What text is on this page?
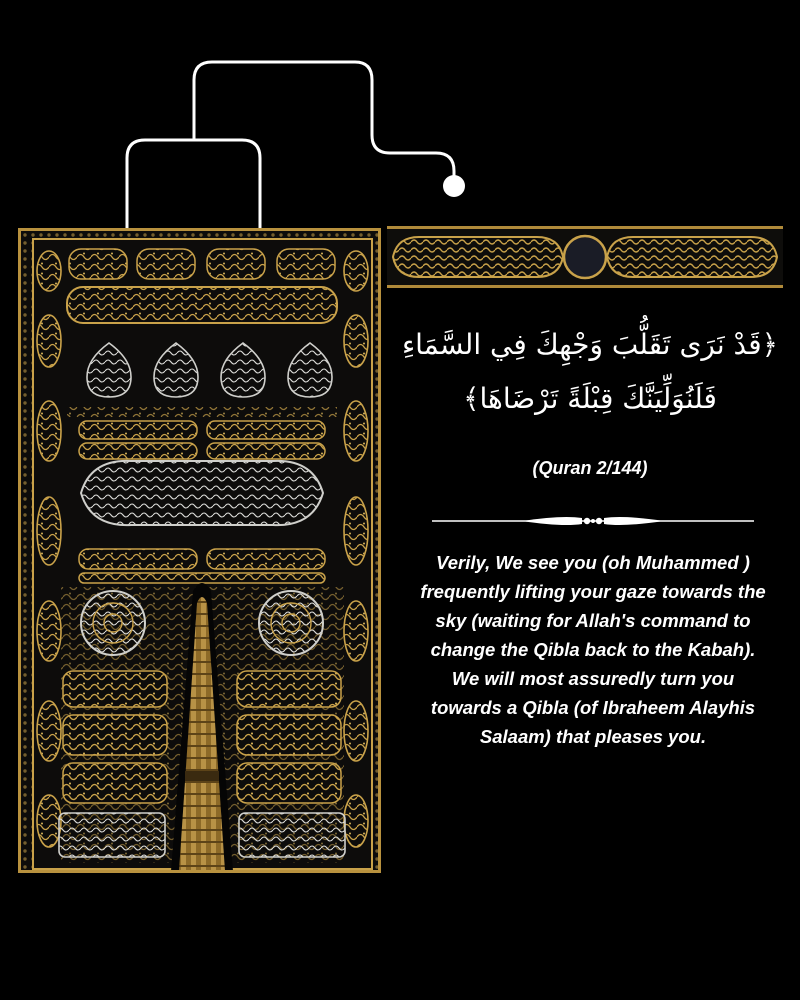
﴿قَدْ نَرَى تَقَلُّبَ وَجْهِكَ فِي السَّمَاءِ
فَلَنُوَلِّيَنَّكَ قِبْلَةً تَرْضَاهَا﴾
(Quran 2/144)
Verily, We see you (oh Muhammed )
frequently lifting your gaze towards the
sky (waiting for Allah's command to
change the Qibla back to the Kabah).
We will most assuredly turn you
towards a Qibla (of Ibraheem Alayhis
Salaam) that pleases you.
